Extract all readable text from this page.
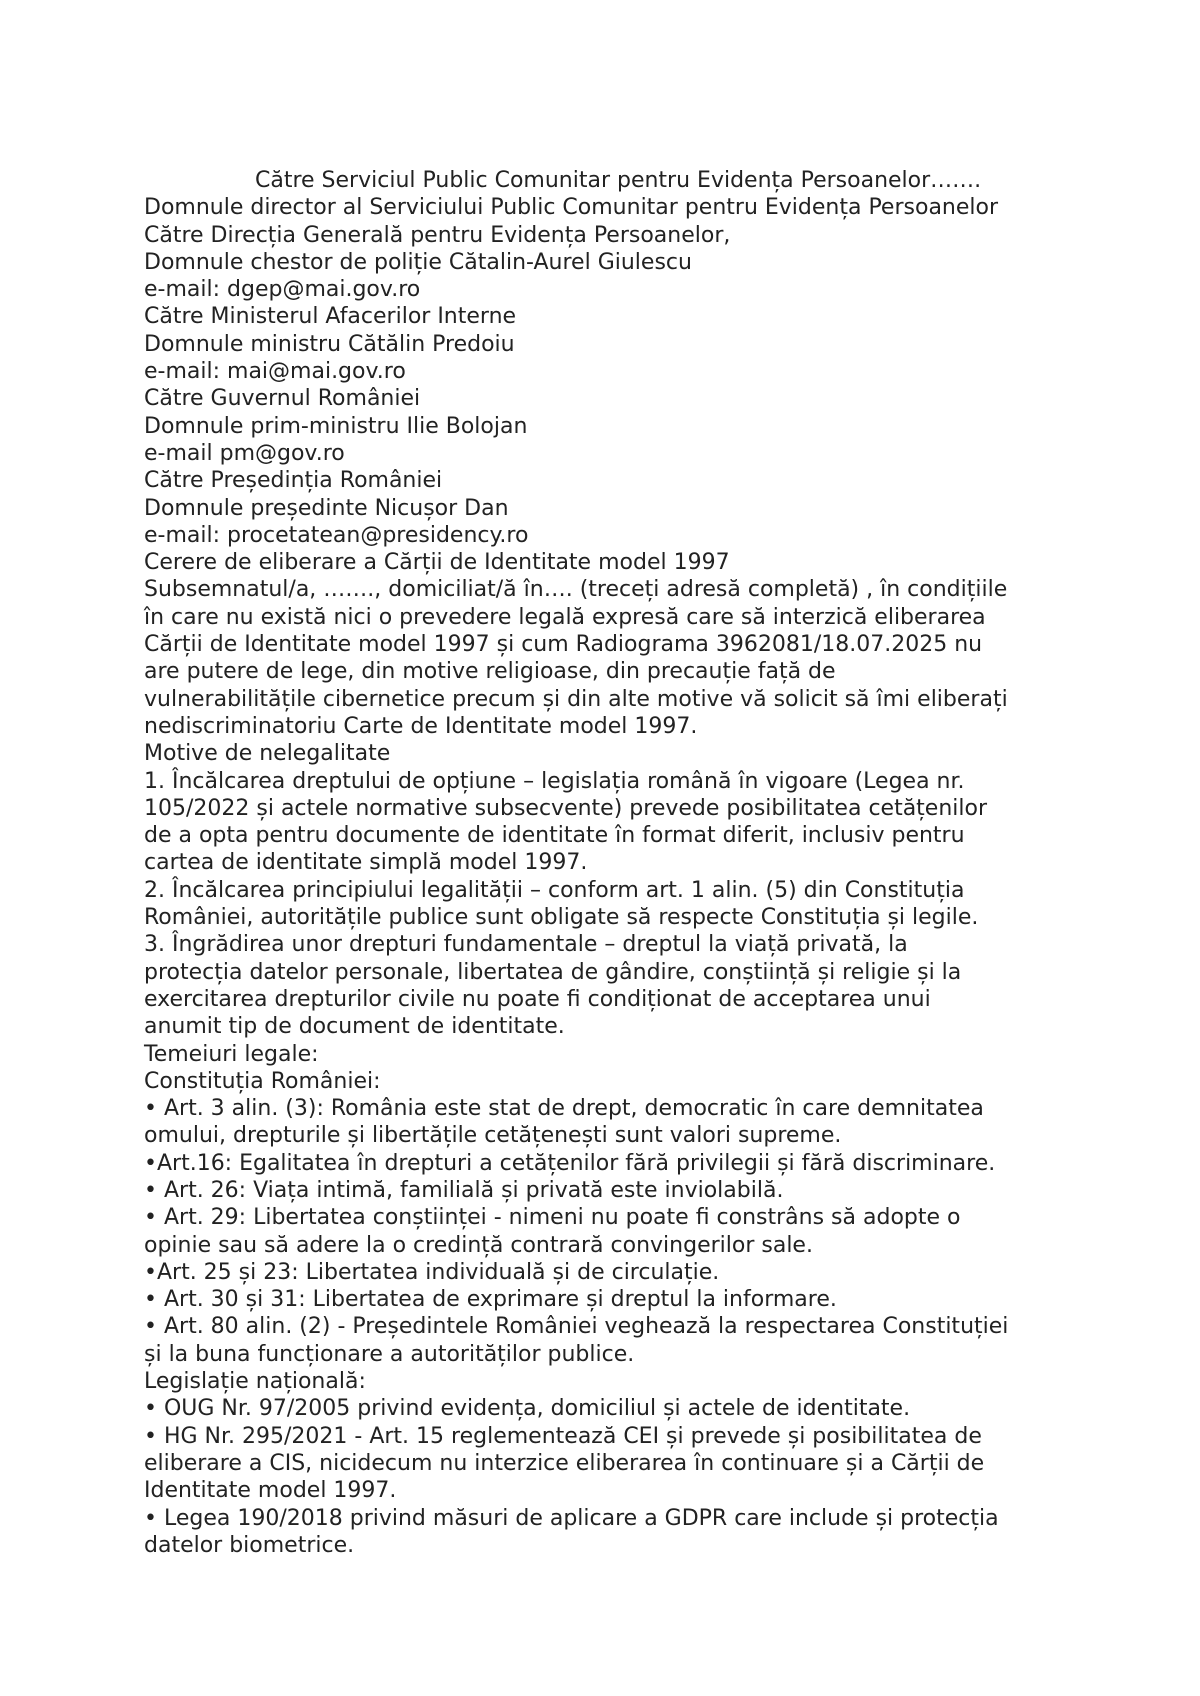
Către Serviciul Public Comunitar pentru Evidența Persoanelor…….

Domnule director al Serviciului Public Comunitar pentru Evidența Persoanelor

Către Direcția Generală pentru Evidența Persoanelor,

Domnule chestor de poliție Cătalin-Aurel Giulescu

e-mail: dgep@mai.gov.ro

Către Ministerul Afacerilor Interne

Domnule ministru Cătălin Predoiu

e-mail: mai@mai.gov.ro

Către Guvernul României

Domnule prim-ministru Ilie Bolojan

e-mail pm@gov.ro

Către Președinția României

Domnule președinte Nicușor Dan

e-mail: procetatean@presidency.ro

Cerere de eliberare a Cărții de Identitate model 1997

Subsemnatul/a, ……., domiciliat/ă în…. (treceți adresă completă) , în condițiile

în care nu există nici o prevedere legală expresă care să interzică eliberarea

Cărții de Identitate model 1997 și cum Radiograma 3962081/18.07.2025 nu

are putere de lege, din motive religioase, din precauție față de

vulnerabilitățile cibernetice precum și din alte motive vă solicit să îmi eliberați

nediscriminatoriu Carte de Identitate model 1997.

Motive de nelegalitate

1. Încălcarea dreptului de opțiune – legislația română în vigoare (Legea nr.

105/2022 și actele normative subsecvente) prevede posibilitatea cetățenilor

de a opta pentru documente de identitate în format diferit, inclusiv pentru

cartea de identitate simplă model 1997.

2. Încălcarea principiului legalității – conform art. 1 alin. (5) din Constituția

României, autoritățile publice sunt obligate să respecte Constituția și legile.

3. Îngrădirea unor drepturi fundamentale – dreptul la viață privată, la

protecția datelor personale, libertatea de gândire, conștiință și religie și la

exercitarea drepturilor civile nu poate fi condiționat de acceptarea unui

anumit tip de document de identitate.

Temeiuri legale:

Constituția României:

• Art. 3 alin. (3): România este stat de drept, democratic în care demnitatea

omului, drepturile și libertățile cetățenești sunt valori supreme.

•Art.16: Egalitatea în drepturi a cetățenilor fără privilegii și fără discriminare.

• Art. 26: Viața intimă, familială și privată este inviolabilă.

• Art. 29: Libertatea conștiinței - nimeni nu poate fi constrâns să adopte o

opinie sau să adere la o credință contrară convingerilor sale.

•Art. 25 și 23: Libertatea individuală și de circulație.

• Art. 30 și 31: Libertatea de exprimare și dreptul la informare.

• Art. 80 alin. (2) - Președintele României veghează la respectarea Constituției

și la buna funcționare a autorităților publice.

Legislație națională:

• OUG Nr. 97/2005 privind evidența, domiciliul și actele de identitate.

• HG Nr. 295/2021 - Art. 15 reglementează CEI și prevede și posibilitatea de

eliberare a CIS, nicidecum nu interzice eliberarea în continuare și a Cărții de

Identitate model 1997.

• Legea 190/2018 privind măsuri de aplicare a GDPR care include și protecția

datelor biometrice.
